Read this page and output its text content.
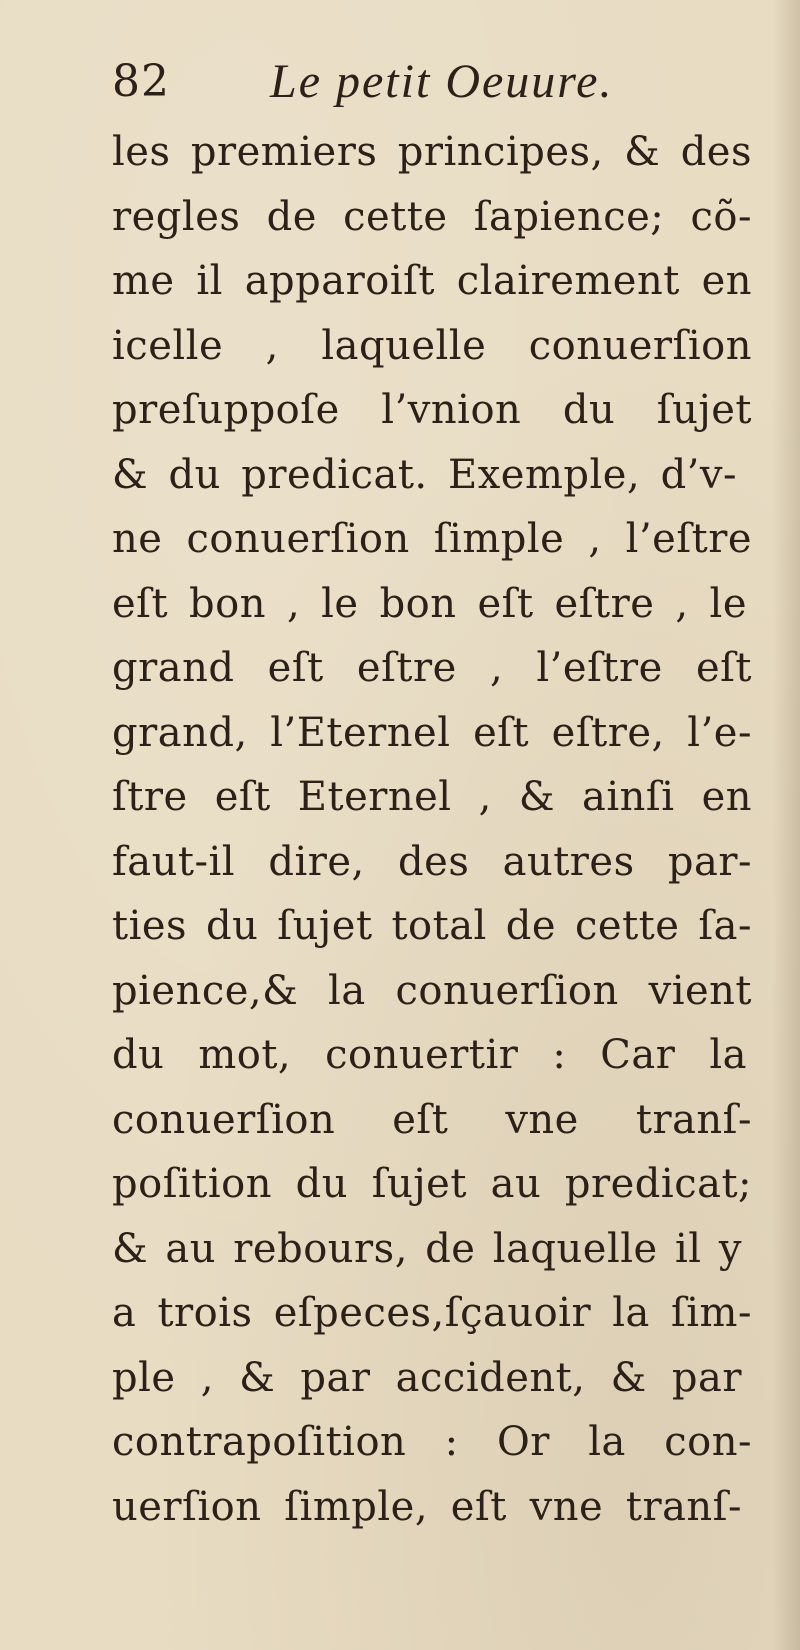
82 Le petit Oeuure.
les premiers principes, & des
regles de cette ſapience; cõ-
me il apparoiſt clairement en
icelle , laquelle conuerſion
preſuppoſe l’vnion du ſujet
& du predicat. Exemple, d’v-
ne conuerſion ſimple , l’eſtre
eſt bon , le bon eſt eſtre , le
grand eſt eſtre , l’eſtre eſt
grand, l’Eternel eſt eſtre, l’e-
ſtre eſt Eternel , & ainſi en
faut-il dire, des autres par-
ties du ſujet total de cette ſa-
pience,& la conuerſion vient
du mot, conuertir : Car la
conuerſion eſt vne tranſ-
poſition du ſujet au predicat;
& au rebours, de laquelle il y
a trois eſpeces,ſçauoir la ſim-
ple , & par accident, & par
contrapoſition : Or la con-
uerſion ſimple, eſt vne tranſ-
